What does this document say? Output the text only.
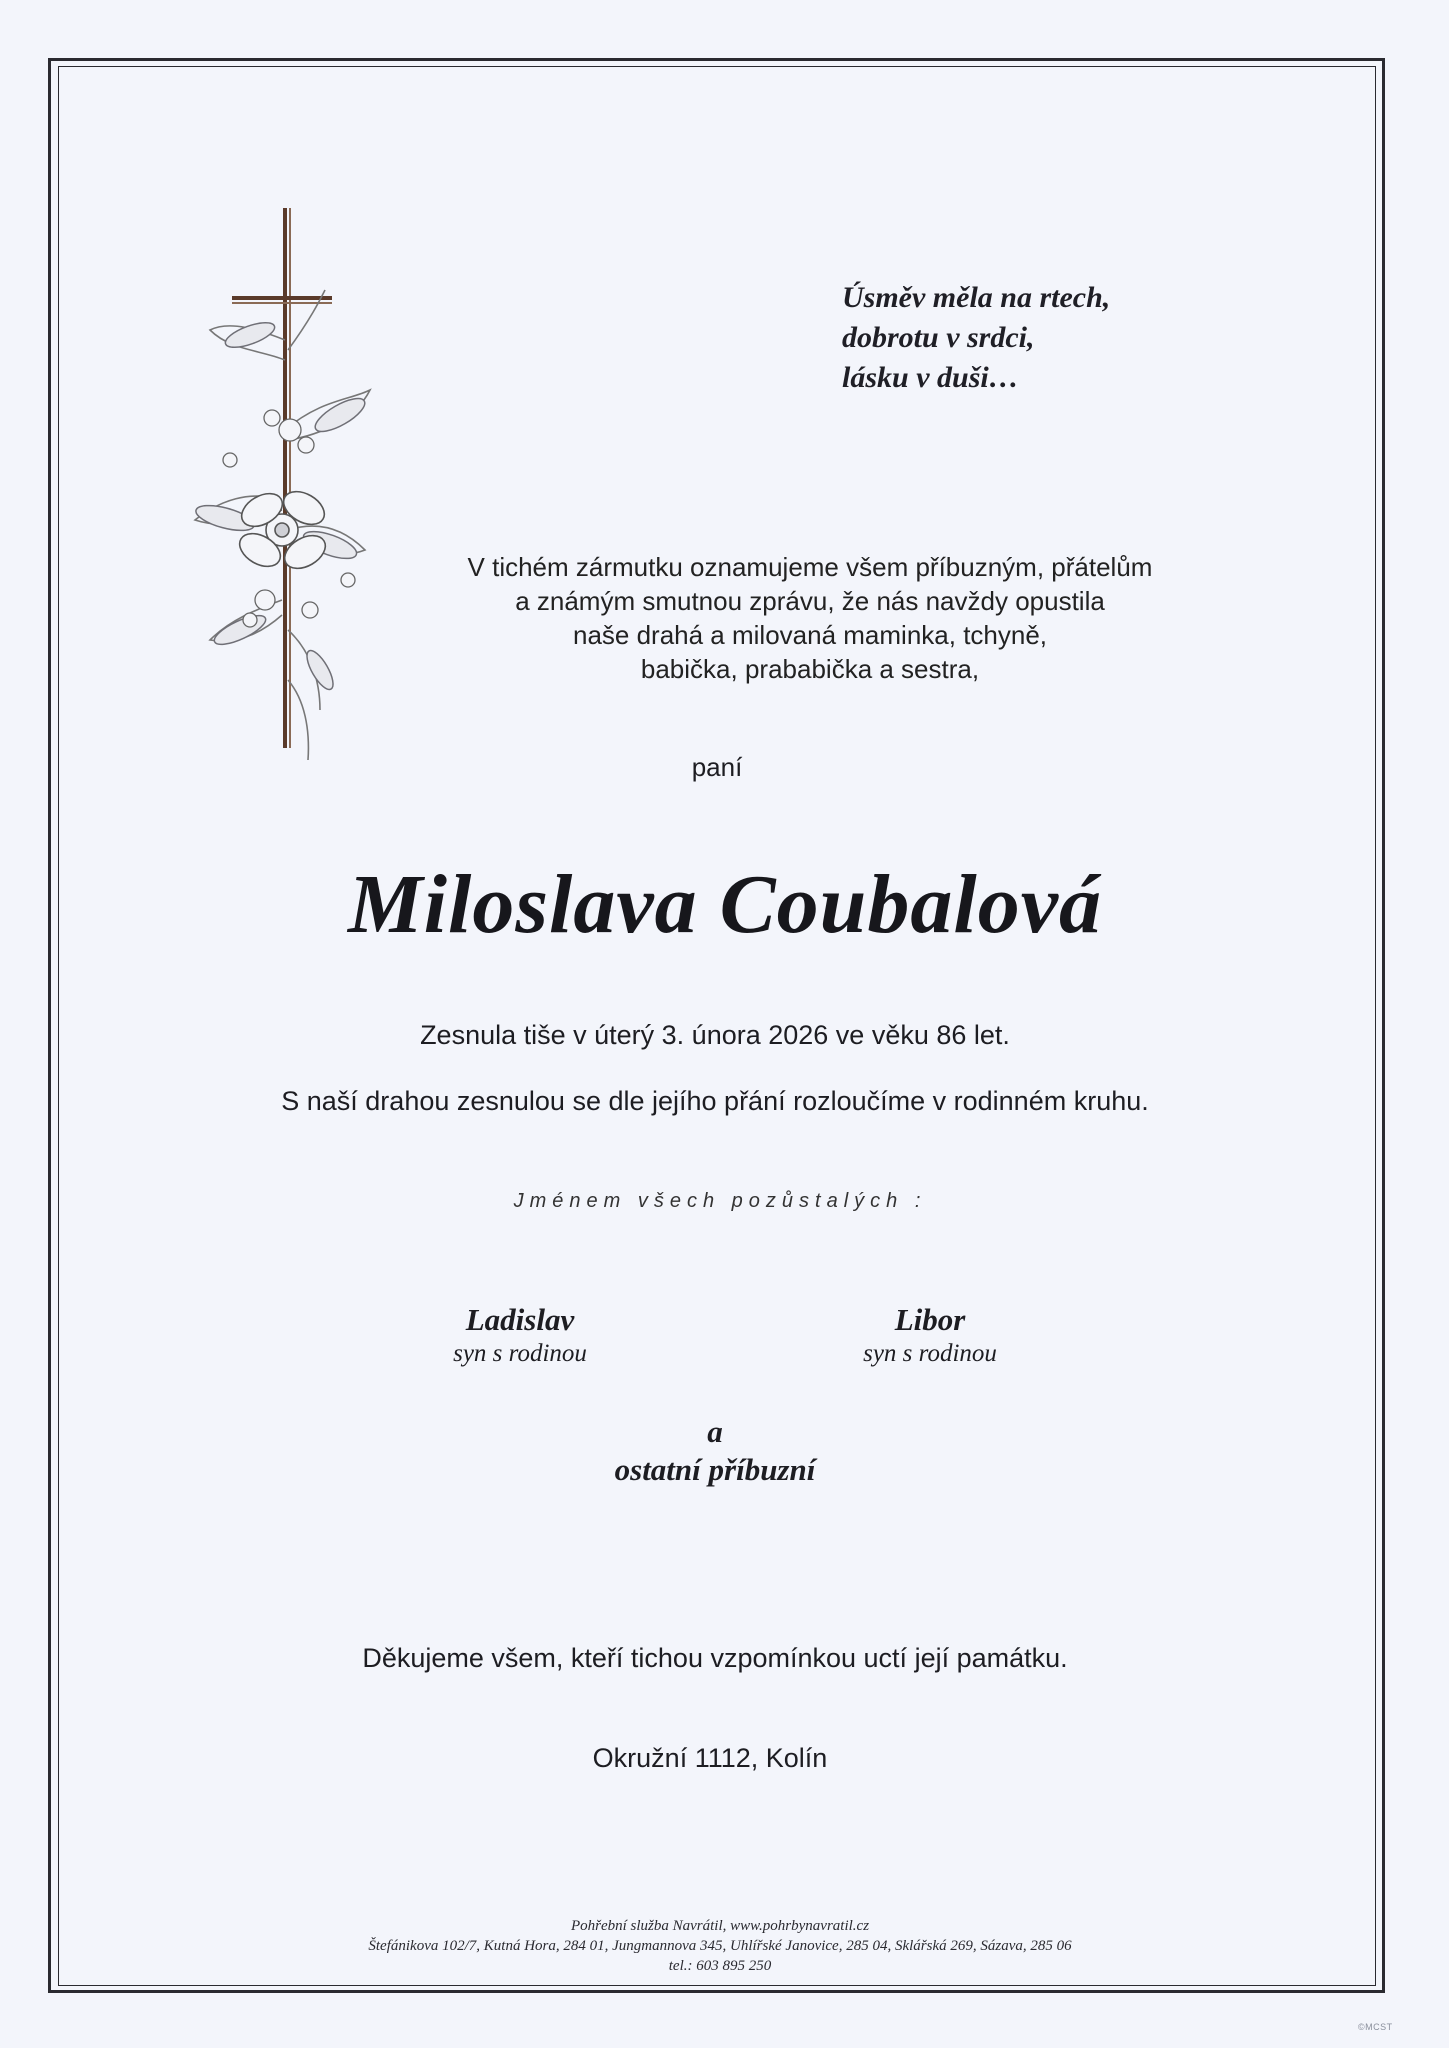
Úsměv měla na rtech,
dobrotu v srdci,
lásku v duši…
V tichém zármutku oznamujeme všem příbuzným, přátelům
a známým smutnou zprávu, že nás navždy opustila
naše drahá a milovaná maminka, tchyně,
babička, prababička a sestra,
paní
Miloslava Coubalová
Zesnula tiše v úterý 3. února 2026 ve věku 86 let.
S naší drahou zesnulou se dle jejího přání rozloučíme v rodinném kruhu.
Jménem všech pozůstalých :
Ladislav
syn s rodinou
Libor
syn s rodinou
a
ostatní příbuzní
Děkujeme všem, kteří tichou vzpomínkou uctí její památku.
Okružní 1112, Kolín
Pohřební služba Navrátil, www.pohrbynavratil.cz
Štefánikova 102/7, Kutná Hora, 284 01, Jungmannova 345, Uhlířské Janovice, 285 04, Sklářská 269, Sázava, 285 06
tel.: 603 895 250
©MCST
